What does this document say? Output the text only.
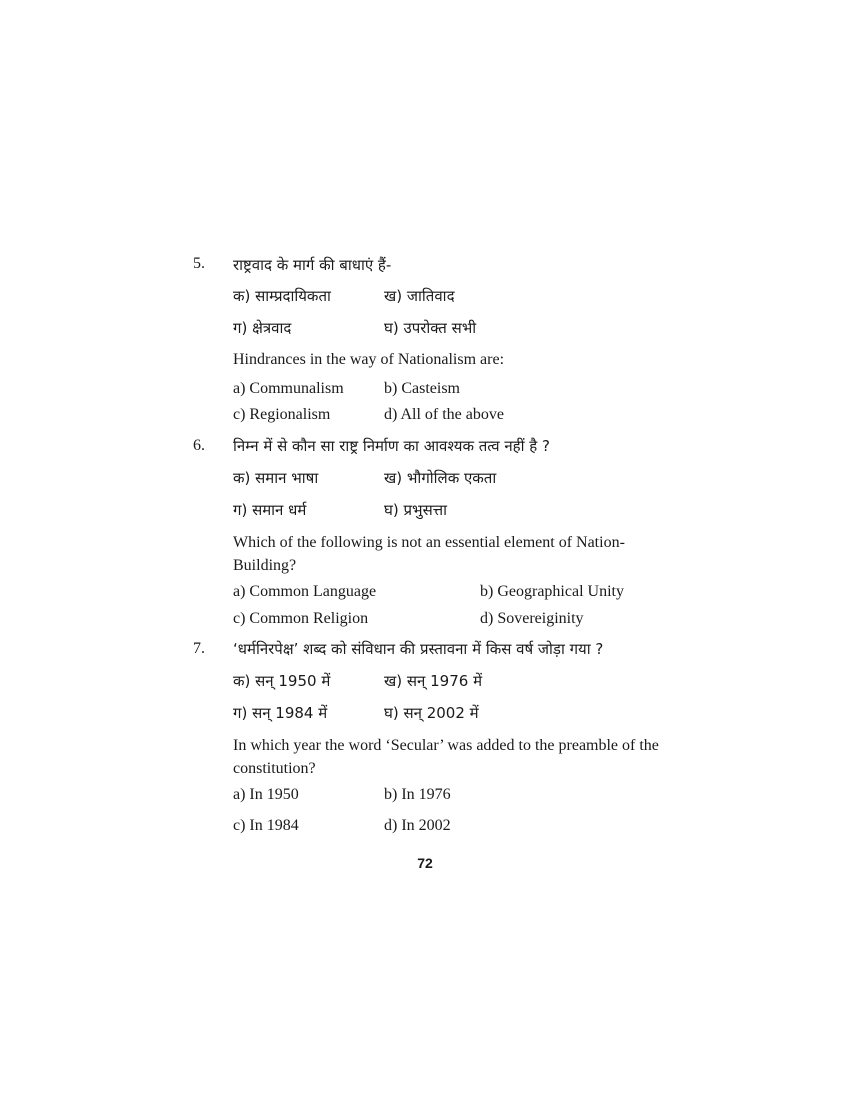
5. राष्ट्रवाद के मार्ग की बाधाएं हैं-
क) साम्प्रदायिकता	ख) जातिवाद
ग) क्षेत्रवाद	घ) उपरोक्त सभी
Hindrances in the way of Nationalism are:
a) Communalism	b) Casteism
c) Regionalism	d) All of the above
6. निम्न में से कौन सा राष्ट्र निर्माण का आवश्यक तत्व नहीं है ?
क) समान भाषा	ख) भौगोलिक एकता
ग) समान धर्म	घ) प्रभुसत्ता
Which of the following is not an essential element of Nation-Building?
a) Common Language	b) Geographical Unity
c) Common Religion	d) Sovereiginity
7. ‘धर्मनिरपेक्ष’ शब्द को संविधान की प्रस्तावना में किस वर्ष जोड़ा गया ?
क) सन् 1950 में	ख) सन् 1976 में
ग) सन् 1984 में	घ) सन् 2002 में
In which year the word ‘Secular’ was added to the preamble of the constitution?
a) In 1950	b) In 1976
c) In 1984	d) In 2002
72
